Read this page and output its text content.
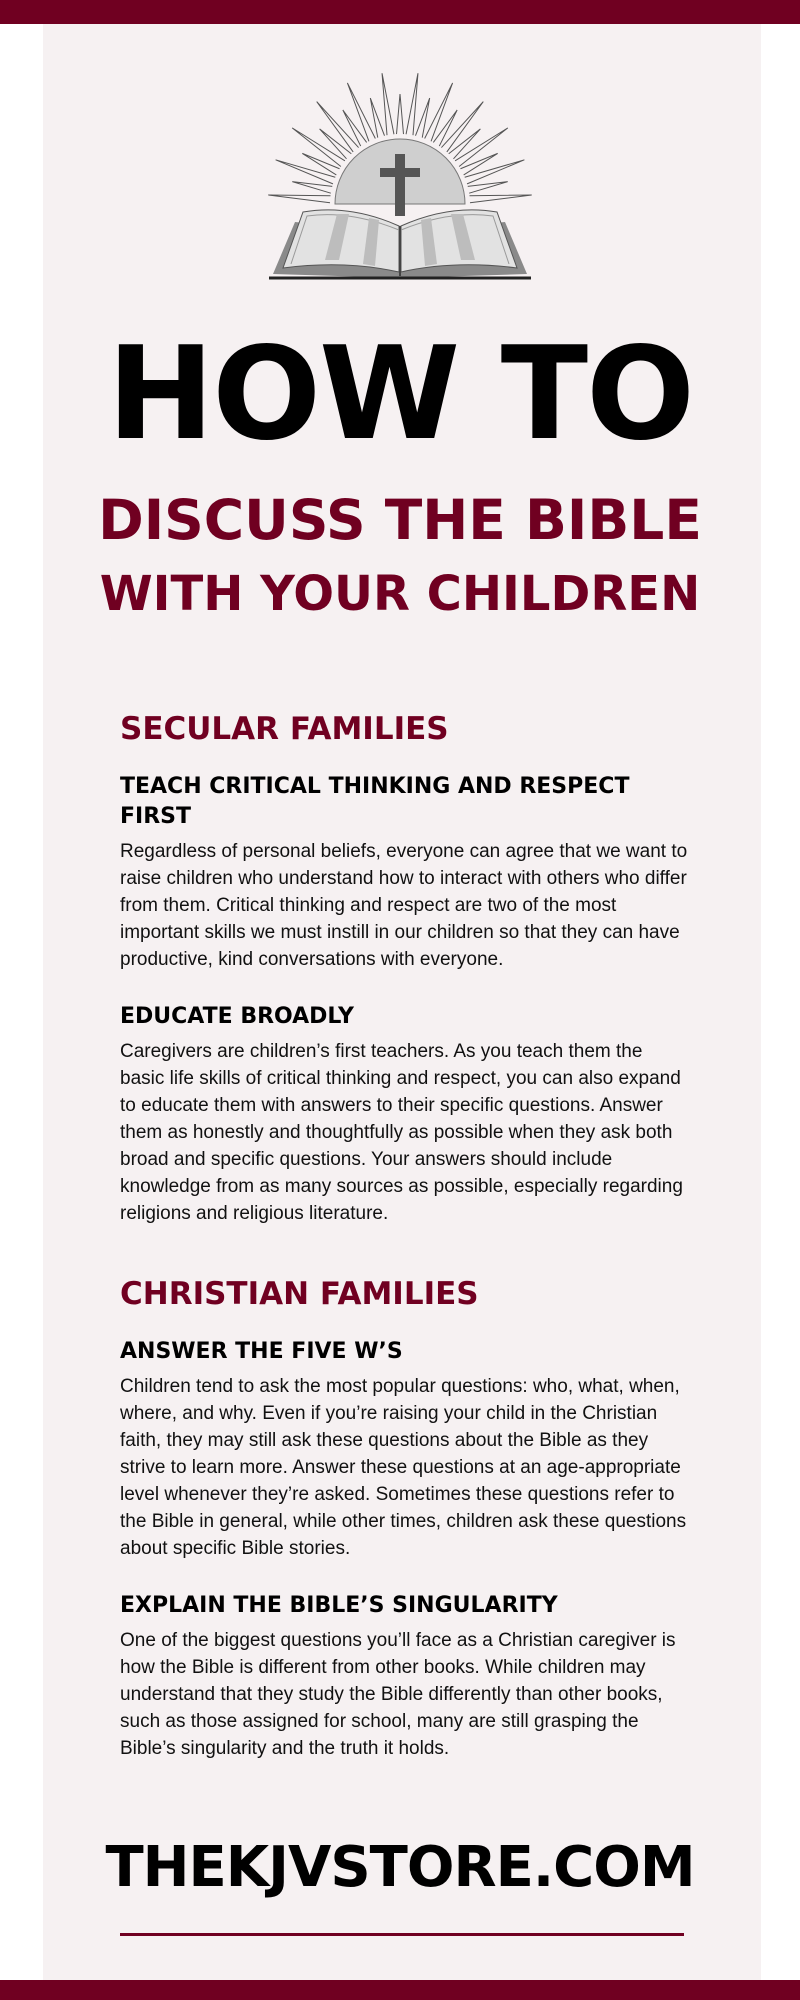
HOW TO
DISCUSS THE BIBLE
WITH YOUR CHILDREN
SECULAR FAMILIES
TEACH CRITICAL THINKING AND RESPECT FIRST

Regardless of personal beliefs, everyone can agree that we want to raise children who understand how to interact with others who differ from them. Critical thinking and respect are two of the most important skills we must instill in our children so that they can have productive, kind conversations with everyone.

EDUCATE BROADLY

Caregivers are children’s first teachers. As you teach them the basic life skills of critical thinking and respect, you can also expand to educate them with answers to their specific questions. Answer them as honestly and thoughtfully as possible when they ask both broad and specific questions. Your answers should include knowledge from as many sources as possible, especially regarding religions and religious literature.

CHRISTIAN FAMILIES
ANSWER THE FIVE W’S

Children tend to ask the most popular questions: who, what, when, where, and why. Even if you’re raising your child in the Christian faith, they may still ask these questions about the Bible as they strive to learn more. Answer these questions at an age-appropriate level whenever they’re asked. Sometimes these questions refer to the Bible in general, while other times, children ask these questions about specific Bible stories.

EXPLAIN THE BIBLE’S SINGULARITY

One of the biggest questions you’ll face as a Christian caregiver is how the Bible is different from other books. While children may understand that they study the Bible differently than other books, such as those assigned for school, many are still grasping the Bible’s singularity and the truth it holds.

THEKJVSTORE.COM
